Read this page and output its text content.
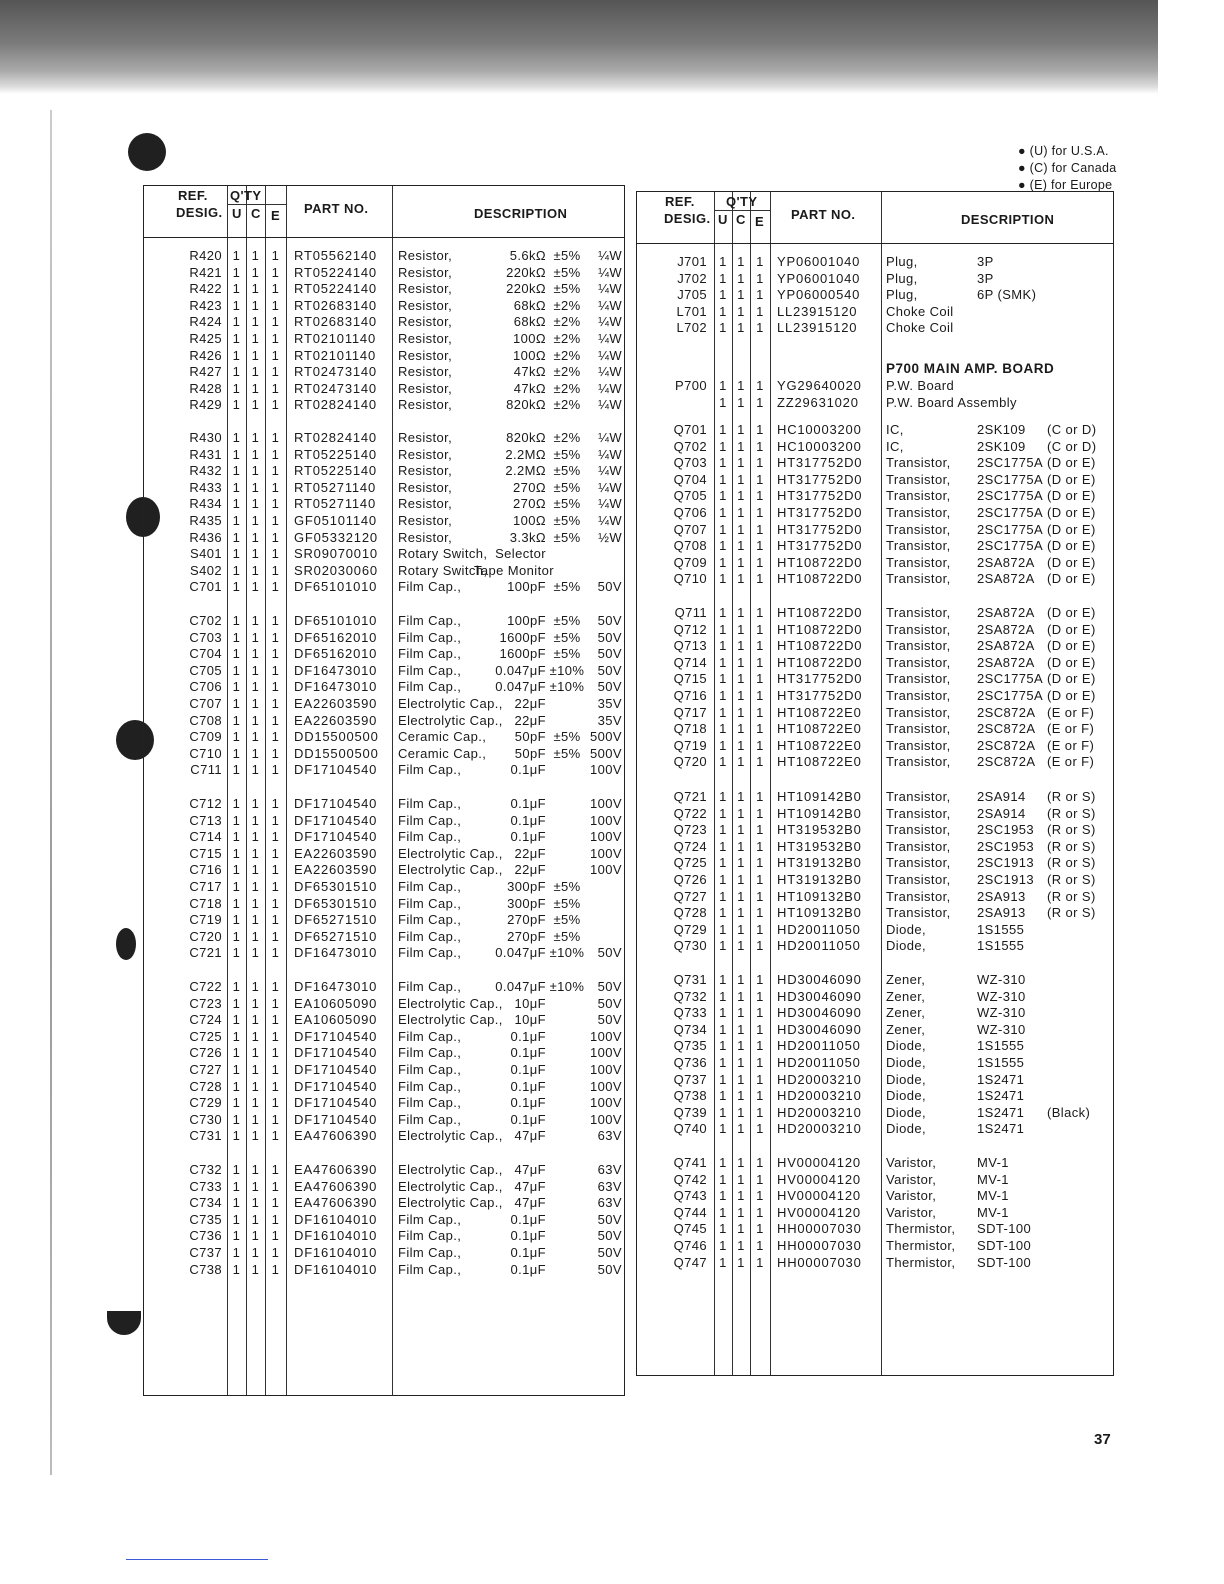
● (U) for U.S.A.
● (C) for Canada
● (E) for Europe
REF.
DESIG.
Q'TY
U C E PART NO.	DESCRIPTION
R420 1 1 1	RT05562140 Resistor,	5.6kΩ ±5%	¼W
R421 1 1 1	RT05224140 Resistor,	220kΩ ±5%	¼W
R422 1 1 1	RT05224140 Resistor,	220kΩ ±5%	¼W
R423 1 1 1	RT02683140 Resistor,	68kΩ ±2%	¼W
R424 1 1 1	RT02683140 Resistor,	68kΩ ±2%	¼W
R425 1 1 1	RT02101140 Resistor,	100Ω ±2%	¼W
R426 1 1 1	RT02101140 Resistor,	100Ω ±2%	¼W
R427 1 1 1	RT02473140 Resistor,	47kΩ ±2%	¼W
R428 1 1 1	RT02473140 Resistor,	47kΩ ±2%	¼W
R429 1 1 1	RT02824140 Resistor,	820kΩ ±2%	¼W
R430 1 1 1	RT02824140 Resistor,	820kΩ ±2%	¼W
R431 1 1 1	RT05225140 Resistor,	2.2MΩ ±5%	¼W
R432 1 1 1	RT05225140 Resistor,	2.2MΩ ±5%	¼W
R433 1 1 1	RT05271140 Resistor,	270Ω ±5%	¼W
R434 1 1 1	RT05271140 Resistor,	270Ω ±5%	¼W
R435 1 1 1	GF05101140 Resistor,	100Ω ±5%	¼W
R436 1 1 1	GF05332120 Resistor,	3.3kΩ ±5%	½W
S401 1 1 1	SR09070010 Rotary Switch, Selector
S402 1 1 1	SR02030060 Rotary Switch,
Tape Monitor
C701 1 1 1	DF65101010 Film Cap.,	100pF ±5%	50V
C702 1 1 1	DF65101010 Film Cap.,	100pF ±5%	50V
C703 1 1 1	DF65162010 Film Cap.,	1600pF ±5%	50V
C704 1 1 1	DF65162010 Film Cap.,	1600pF ±5%	50V
C705 1 1 1	DF16473010 Film Cap.,	0.047μF ±10%	50V
C706 1 1 1	DF16473010 Film Cap.,	0.047μF ±10%	50V
C707 1 1 1	EA22603590 Electrolytic Cap., 22μF	35V
C708 1 1 1	EA22603590 Electrolytic Cap., 22μF	35V
C709 1 1 1	DD15500500 Ceramic Cap.,	50pF ±5% 500V
C710 1 1 1	DD15500500 Ceramic Cap.,	50pF ±5% 500V
C711 1 1 1	DF17104540 Film Cap.,	0.1μF	100V
C712 1 1 1	DF17104540 Film Cap.,	0.1μF	100V
C713 1 1 1	DF17104540 Film Cap.,	0.1μF	100V
C714 1 1 1	DF17104540 Film Cap.,	0.1μF	100V
C715 1 1 1	EA22603590 Electrolytic Cap., 22μF	100V
C716 1 1 1	EA22603590 Electrolytic Cap., 22μF	100V
C717 1 1 1	DF65301510 Film Cap.,	300pF ±5%
C718 1 1 1	DF65301510 Film Cap.,	300pF ±5%
C719 1 1 1	DF65271510 Film Cap.,	270pF ±5%
C720 1 1 1	DF65271510 Film Cap.,	270pF ±5%
C721 1 1 1	DF16473010 Film Cap.,	0.047μF ±10%	50V
C722 1 1 1	DF16473010 Film Cap.,	0.047μF ±10%	50V
C723 1 1 1	EA10605090 Electrolytic Cap., 10μF	50V
C724 1 1 1	EA10605090 Electrolytic Cap., 10μF	50V
C725 1 1 1	DF17104540 Film Cap.,	0.1μF	100V
C726 1 1 1	DF17104540 Film Cap.,	0.1μF	100V
C727 1 1 1	DF17104540 Film Cap.,	0.1μF	100V
C728 1 1 1	DF17104540 Film Cap.,	0.1μF	100V
C729 1 1 1	DF17104540 Film Cap.,	0.1μF	100V
C730 1 1 1	DF17104540 Film Cap.,	0.1μF	100V
C731 1 1 1	EA47606390 Electrolytic Cap., 47μF	63V
C732 1 1 1	EA47606390 Electrolytic Cap., 47μF	63V
C733 1 1 1	EA47606390 Electrolytic Cap., 47μF	63V
C734 1 1 1	EA47606390 Electrolytic Cap., 47μF	63V
C735 1 1 1	DF16104010 Film Cap.,	0.1μF	50V
C736 1 1 1	DF16104010 Film Cap.,	0.1μF	50V
C737 1 1 1	DF16104010 Film Cap.,	0.1μF	50V
C738 1 1 1	DF16104010 Film Cap.,	0.1μF	50V
REF.
DESIG.
Q'TY
U C E PART NO.	DESCRIPTION
P700 MAIN AMP. BOARD
J701 1 1 1	YP06001040 Plug,	3P
J702 1 1 1	YP06001040 Plug,	3P
J705 1 1 1	YP06000540 Plug,	6P (SMK)
L701 1 1 1	LL23915120 Choke Coil
L702 1 1 1	LL23915120 Choke Coil
P700 1 1 1	YG29640020 P.W. Board
1 1 1	ZZ29631020 P.W. Board Assembly
Q701 1 1 1	HC10003200 IC,	2SK109 (C or D)
Q702 1 1 1	HC10003200 IC,	2SK109 (C or D)
Q703 1 1 1	HT317752D0 Transistor, 2SC1775A (D or E)
Q704 1 1 1	HT317752D0 Transistor, 2SC1775A (D or E)
Q705 1 1 1	HT317752D0 Transistor, 2SC1775A (D or E)
Q706 1 1 1	HT317752D0 Transistor, 2SC1775A (D or E)
Q707 1 1 1	HT317752D0 Transistor, 2SC1775A (D or E)
Q708 1 1 1	HT317752D0 Transistor, 2SC1775A (D or E)
Q709 1 1 1	HT108722D0 Transistor, 2SA872A (D or E)
Q710 1 1 1	HT108722D0 Transistor, 2SA872A (D or E)
Q711 1 1 1	HT108722D0 Transistor, 2SA872A (D or E)
Q712 1 1 1	HT108722D0 Transistor, 2SA872A (D or E)
Q713 1 1 1	HT108722D0 Transistor, 2SA872A (D or E)
Q714 1 1 1	HT108722D0 Transistor, 2SA872A (D or E)
Q715 1 1 1	HT317752D0 Transistor, 2SC1775A (D or E)
Q716 1 1 1	HT317752D0 Transistor, 2SC1775A (D or E)
Q717 1 1 1	HT108722E0 Transistor, 2SC872A (E or F)
Q718 1 1 1	HT108722E0 Transistor, 2SC872A (E or F)
Q719 1 1 1	HT108722E0 Transistor, 2SC872A (E or F)
Q720 1 1 1	HT108722E0 Transistor, 2SC872A (E or F)
Q721 1 1 1	HT109142B0 Transistor, 2SA914 (R or S)
Q722 1 1 1	HT109142B0 Transistor, 2SA914 (R or S)
Q723 1 1 1	HT319532B0 Transistor, 2SC1953 (R or S)
Q724 1 1 1	HT319532B0 Transistor, 2SC1953 (R or S)
Q725 1 1 1	HT319132B0 Transistor, 2SC1913 (R or S)
Q726 1 1 1	HT319132B0 Transistor, 2SC1913 (R or S)
Q727 1 1 1	HT109132B0 Transistor, 2SA913 (R or S)
Q728 1 1 1	HT109132B0 Transistor, 2SA913 (R or S)
Q729 1 1 1	HD20011050 Diode,	1S1555
Q730 1 1 1	HD20011050 Diode,	1S1555
Q731 1 1 1	HD30046090 Zener,	WZ-310
Q732 1 1 1	HD30046090 Zener,	WZ-310
Q733 1 1 1	HD30046090 Zener,	WZ-310
Q734 1 1 1	HD30046090 Zener,	WZ-310
Q735 1 1 1	HD20011050 Diode,	1S1555
Q736 1 1 1	HD20011050 Diode,	1S1555
Q737 1 1 1	HD20003210 Diode,	1S2471
Q738 1 1 1	HD20003210 Diode,	1S2471
Q739 1 1 1	HD20003210 Diode,	1S2471 (Black)
Q740 1 1 1	HD20003210 Diode,	1S2471
Q741 1 1 1	HV00004120 Varistor,	MV-1
Q742 1 1 1	HV00004120 Varistor,	MV-1
Q743 1 1 1	HV00004120 Varistor,	MV-1
Q744 1 1 1	HV00004120 Varistor,	MV-1
Q745 1 1 1	HH00007030 Thermistor, SDT-100
Q746 1 1 1	HH00007030 Thermistor, SDT-100
Q747 1 1 1	HH00007030 Thermistor, SDT-100
37
